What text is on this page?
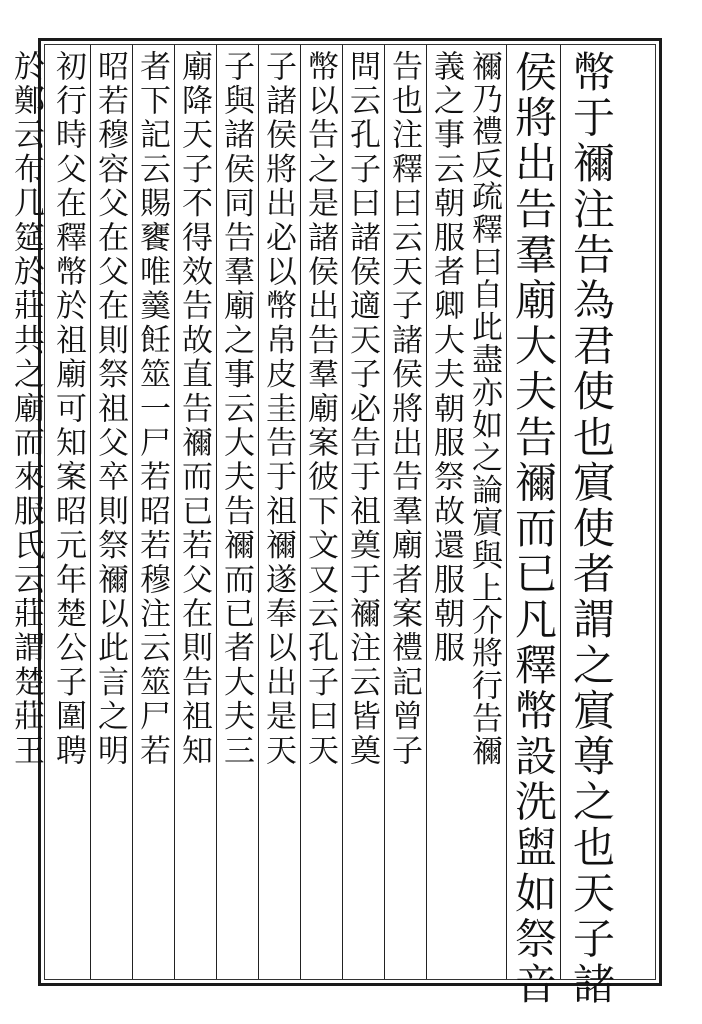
幣于禰注告為君使也賔使者謂之賔尊之也天子諸
侯將出告羣廟大夫告禰而已凡釋幣設洗盥如祭音
禰乃禮反疏釋曰自此盡亦如之論賔與上介將行告禰
義之事云朝服者卿大夫朝服祭故還服朝服
告也注釋曰云天子諸侯將出告羣廟者案禮記曾子
問云孔子曰諸侯適天子必告于祖奠于禰注云皆奠
幣以告之是諸侯出告羣廟案彼下文又云孔子曰天
子諸侯將出必以幣帛皮圭告于祖禰遂奉以出是天
子與諸侯同告羣廟之事云大夫告禰而已者大夫三
廟降天子不得效告故直告禰而已若父在則告祖知
者下記云賜饔唯羹飪筮一尸若昭若穆注云筮尸若
昭若穆容父在父在則祭祖父卒則祭禰以此言之明
初行時父在釋幣於祖廟可知案昭元年楚公子圍聘
於鄭云布几筵於莊共之廟而來服氏云莊謂楚莊王
